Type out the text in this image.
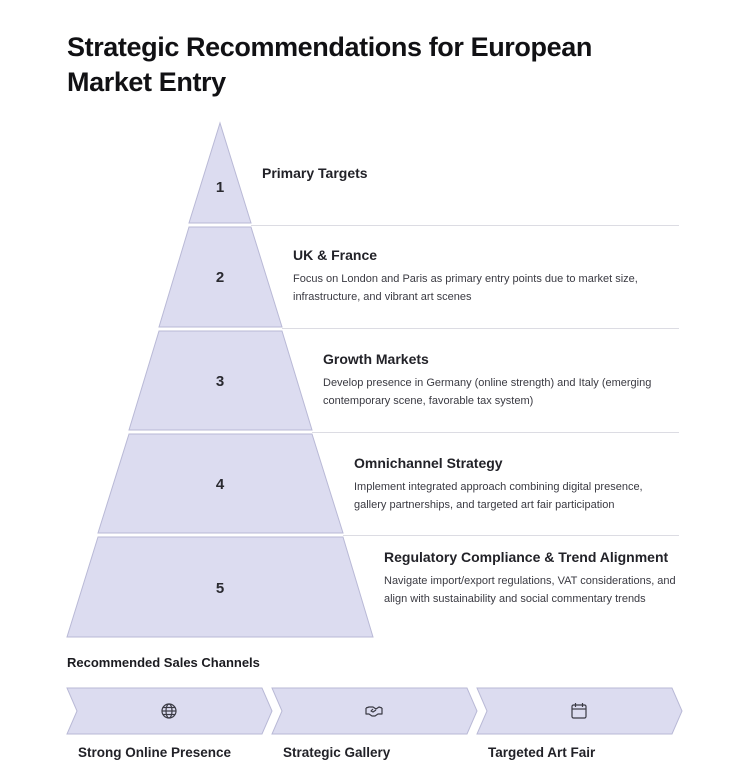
Strategic Recommendations for European Market Entry
1
2
3
4
5
Primary Targets
UK & France
Focus on London and Paris as primary entry points due to market size, infrastructure, and vibrant art scenes
Growth Markets
Develop presence in Germany (online strength) and Italy (emerging contemporary scene, favorable tax system)
Omnichannel Strategy
Implement integrated approach combining digital presence, gallery partnerships, and targeted art fair participation
Regulatory Compliance & Trend Alignment
Navigate import/export regulations, VAT considerations, and align with sustainability and social commentary trends
Recommended Sales Channels
Strong Online Presence	Strategic Gallery	Targeted Art Fair
